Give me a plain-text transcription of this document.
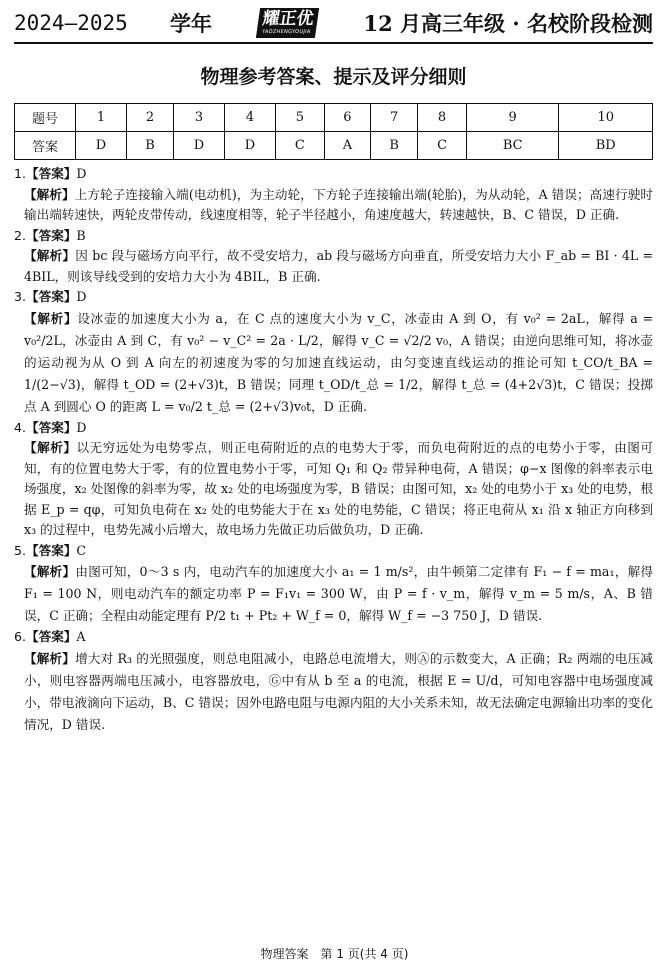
2024—2025 学年	耀正优
YAOZHENGYOUJIA 12 月高三年级 · 名校阶段检测
物理参考答案、提示及评分细则
题号	1	2	3	4	5	6	7	8	9	10
答案	D	B	D	D	C	A	B	C	BC	BD
1.【答案】D
【解析】上方轮子连接输入端(电动机)，为主动轮，下方轮子连接输出端(轮胎)，为从动轮，A 错误；高速行驶时输出端转速快，两轮皮带传动，线速度相等，轮子半径越小，角速度越大，转速越快，B、C 错误，D 正确.
2.【答案】B
【解析】因 bc 段与磁场方向平行，故不受安培力，ab 段与磁场方向垂直，所受安培力大小 F_ab = BI · 4L = 4BIL，则该导线受到的安培力大小为 4BIL，B 正确.
3.【答案】D
【解析】设冰壶的加速度大小为 a，在 C 点的速度大小为 v_C，冰壶由 A 到 O，有 v₀² = 2aL，解得 a = v₀²/2L，冰壶由 A 到 C，有 v₀² − v_C² = 2a · L/2，解得 v_C = √2/2 v₀，A 错误；由逆向思维可知，将冰壶的运动视为从 O 到 A 向左的初速度为零的匀加速直线运动，由匀变速直线运动的推论可知 t_CO/t_BA = 1/(2−√3)，解得 t_OD = (2+√3)t，B 错误；同理 t_OD/t_总 = 1/2，解得 t_总 = (4+2√3)t，C 错误；投掷点 A 到圆心 O 的距离 L = v₀/2 t_总 = (2+√3)v₀t，D 正确.
4.【答案】D
【解析】以无穷远处为电势零点，则正电荷附近的点的电势大于零，而负电荷附近的点的电势小于零，由图可知，有的位置电势大于零，有的位置电势小于零，可知 Q₁ 和 Q₂ 带异种电荷，A 错误；φ−x 图像的斜率表示电场强度，x₂ 处图像的斜率为零，故 x₂ 处的电场强度为零，B 错误；由图可知，x₂ 处的电势小于 x₃ 处的电势，根据 E_p = qφ，可知负电荷在 x₂ 处的电势能大于在 x₃ 处的电势能，C 错误；将正电荷从 x₁ 沿 x 轴正方向移到 x₃ 的过程中，电势先减小后增大，故电场力先做正功后做负功，D 正确.
5.【答案】C
【解析】由图可知，0～3 s 内，电动汽车的加速度大小 a₁ = 1 m/s²，由牛顿第二定律有 F₁ − f = ma₁，解得 F₁ = 100 N，则电动汽车的额定功率 P = F₁v₁ = 300 W，由 P = f · v_m，解得 v_m = 5 m/s，A、B 错误，C 正确；全程由动能定理有 P/2 t₁ + Pt₂ + W_f = 0，解得 W_f = −3 750 J，D 错误.
6.【答案】A
【解析】增大对 R₃ 的光照强度，则总电阻减小，电路总电流增大，则Ⓐ的示数变大，A 正确；R₂ 两端的电压减小，则电容器两端电压减小，电容器放电，Ⓖ中有从 b 至 a 的电流，根据 E = U/d，可知电容器中电场强度减小，带电液滴向下运动，B、C 错误；因外电路电阻与电源内阻的大小关系未知，故无法确定电源输出功率的变化情况，D 错误.
物理答案　第 1 页(共 4 页)
